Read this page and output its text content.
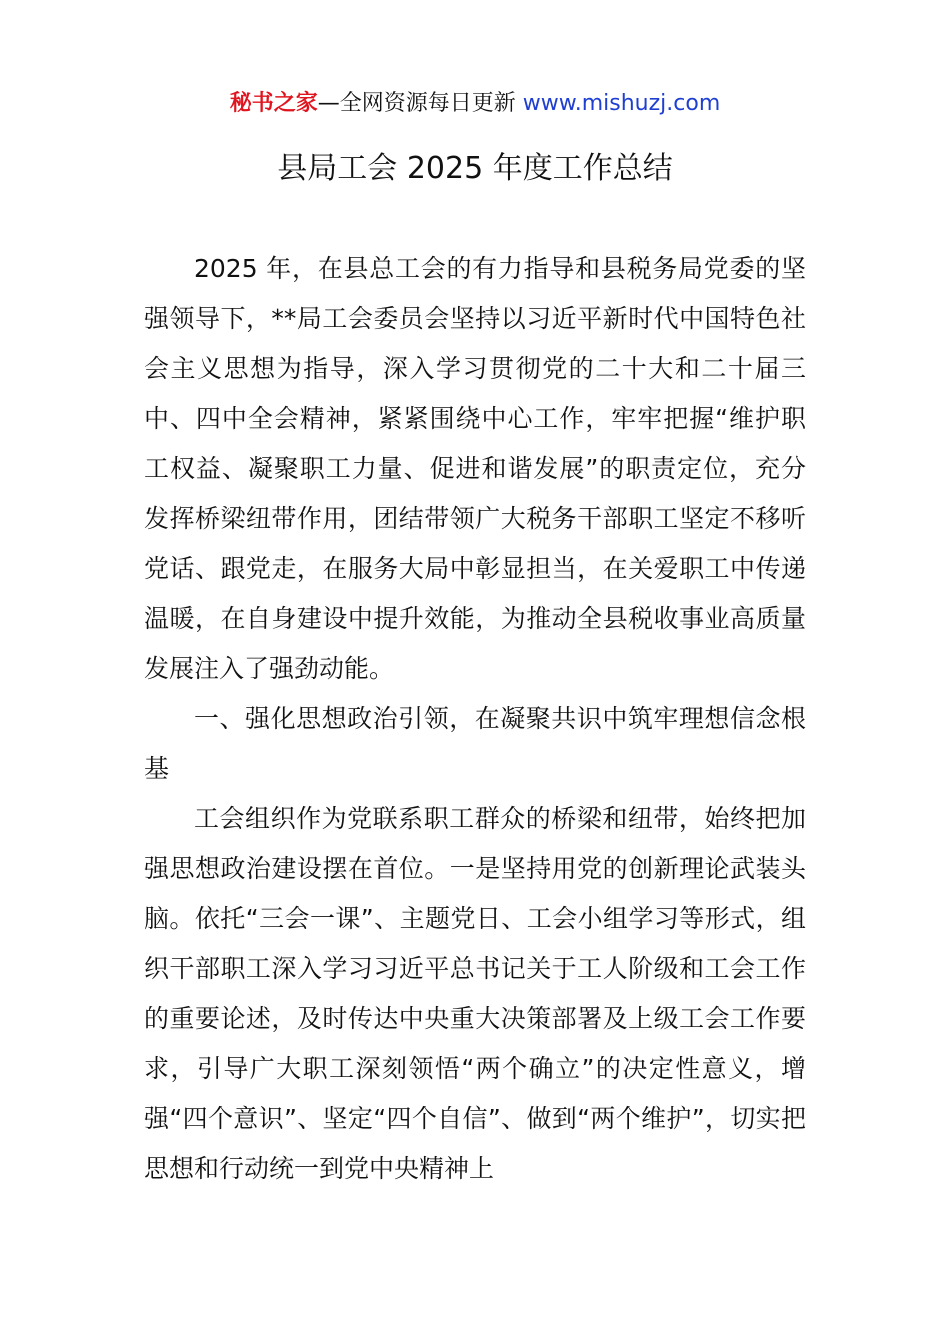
秘书之家—全网资源每日更新 www.mishuzj.com
县局工会 2025 年度工作总结

2025 年，在县总工会的有力指导和县税务局党委的坚强领导下，**局工会委员会坚持以习近平新时代中国特色社会主义思想为指导，深入学习贯彻党的二十大和二十届三中、四中全会精神，紧紧围绕中心工作，牢牢把握“维护职工权益、凝聚职工力量、促进和谐发展”的职责定位，充分发挥桥梁纽带作用，团结带领广大税务干部职工坚定不移听党话、跟党走，在服务大局中彰显担当，在关爱职工中传递温暖，在自身建设中提升效能，为推动全县税收事业高质量发展注入了强劲动能。

一、强化思想政治引领，在凝聚共识中筑牢理想信念根基

工会组织作为党联系职工群众的桥梁和纽带，始终把加强思想政治建设摆在首位。一是坚持用党的创新理论武装头脑。依托“三会一课”、主题党日、工会小组学习等形式，组织干部职工深入学习习近平总书记关于工人阶级和工会工作的重要论述，及时传达中央重大决策部署及上级工会工作要求，引导广大职工深刻领悟“两个确立”的决定性意义，增强“四个意识”、坚定“四个自信”、做到“两个维护”，切实把思想和行动统一到党中央精神上
